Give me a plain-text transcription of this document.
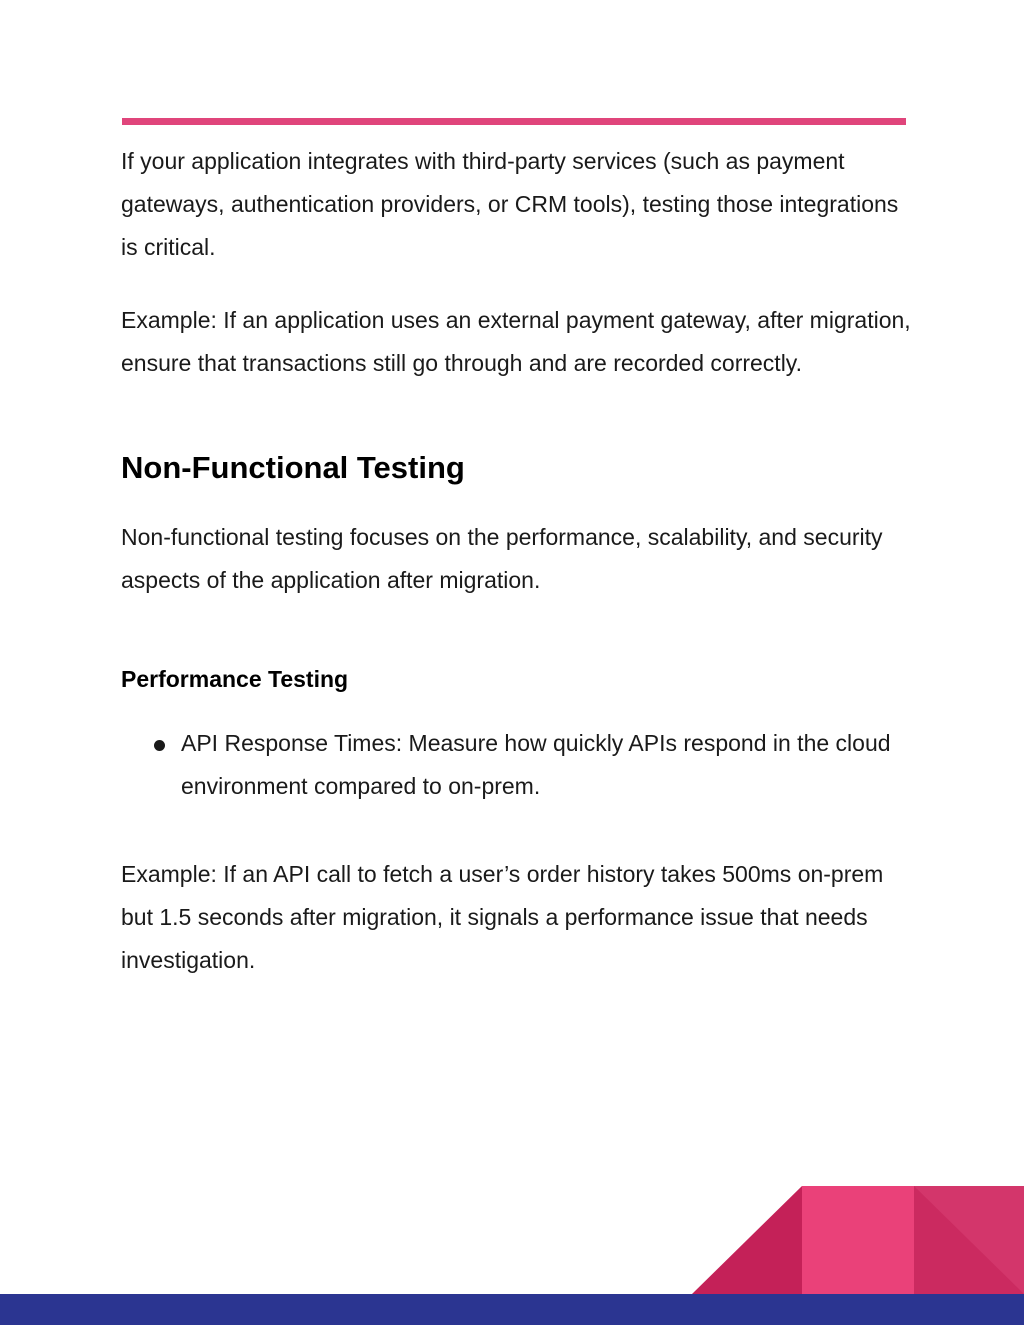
If your application integrates with third-party services (such as payment gateways, authentication providers, or CRM tools), testing those integrations is critical.

Example: If an application uses an external payment gateway, after migration, ensure that transactions still go through and are recorded correctly.

Non-Functional Testing

Non-functional testing focuses on the performance, scalability, and security aspects of the application after migration.

Performance Testing
API Response Times: Measure how quickly APIs respond in the cloud environment compared to on-prem.

Example: If an API call to fetch a user’s order history takes 500ms on-prem but 1.5 seconds after migration, it signals a performance issue that needs investigation.
